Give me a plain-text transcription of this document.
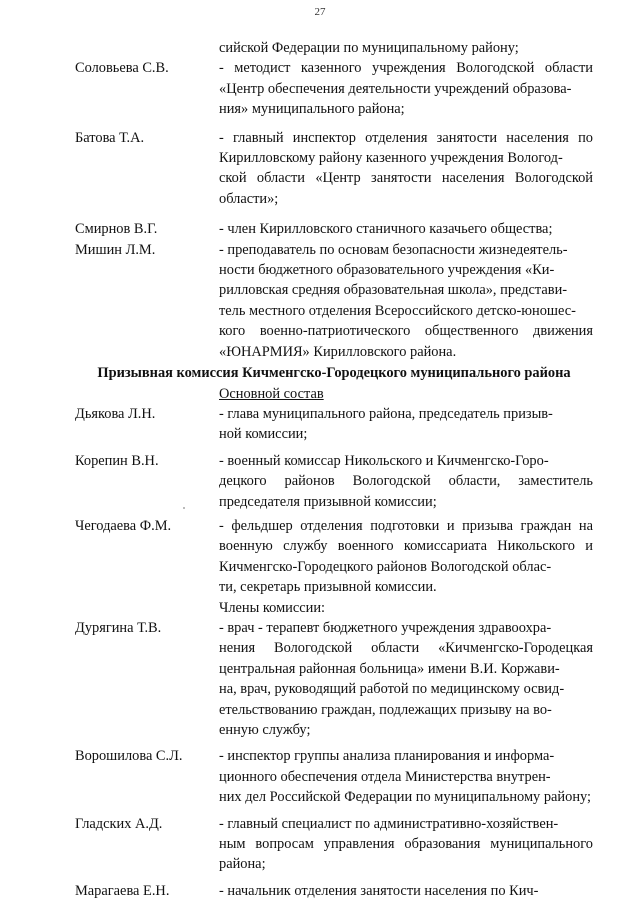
27
сийской Федерации по муниципальному району;
Соловьева С.В.	- методист казенного учреждения Вологодской области «Центр обеспечения деятельности учреждений образова-
ния» муниципального района;
Батова Т.А.	- главный инспектор отделения занятости населения по Кирилловскому району казенного учреждения Вологод-
ской области «Центр занятости населения Вологодской области»;
Смирнов В.Г.	- член Кирилловского станичного казачьего общества;
Мишин Л.М.	- преподаватель по основам безопасности жизнедеятель-
ности бюджетного образовательного учреждения «Ки-
рилловская средняя образовательная школа», представи-
тель местного отделения Всероссийского детско-юношес-
кого военно-патриотического общественного движения «ЮНАРМИЯ» Кирилловского района.
Призывная комиссия Кичменгско-Городецкого муниципального района
Основной состав
Дьякова Л.Н.	- глава муниципального района, председатель призыв-
ной комиссии;
Корепин В.Н.	- военный комиссар Никольского и Кичменгско-Горо-
децкого районов Вологодской области, заместитель председателя призывной комиссии;
Чегодаева Ф.М.	- фельдшер отделения подготовки и призыва граждан на военную службу военного комиссариата Никольского и Кичменгско-Городецкого районов Вологодской облас-
ти, секретарь призывной комиссии.
Члены комиссии:
Дурягина Т.В.	- врач - терапевт бюджетного учреждения здравоохра-
нения Вологодской области «Кичменгско-Городецкая центральная районная больница» имени В.И. Коржави-
на, врач, руководящий работой по медицинскому освид-
етельствованию граждан, подлежащих призыву на во-
енную службу;
Ворошилова С.Л.	- инспектор группы анализа планирования и информа-
ционного обеспечения отдела Министерства внутрен-
них дел Российской Федерации по муниципальному району;
Гладских А.Д.	- главный специалист по административно-хозяйствен-
ным вопросам управления образования муниципального района;
Марагаева Е.Н.	- начальник отделения занятости населения по Кич-
